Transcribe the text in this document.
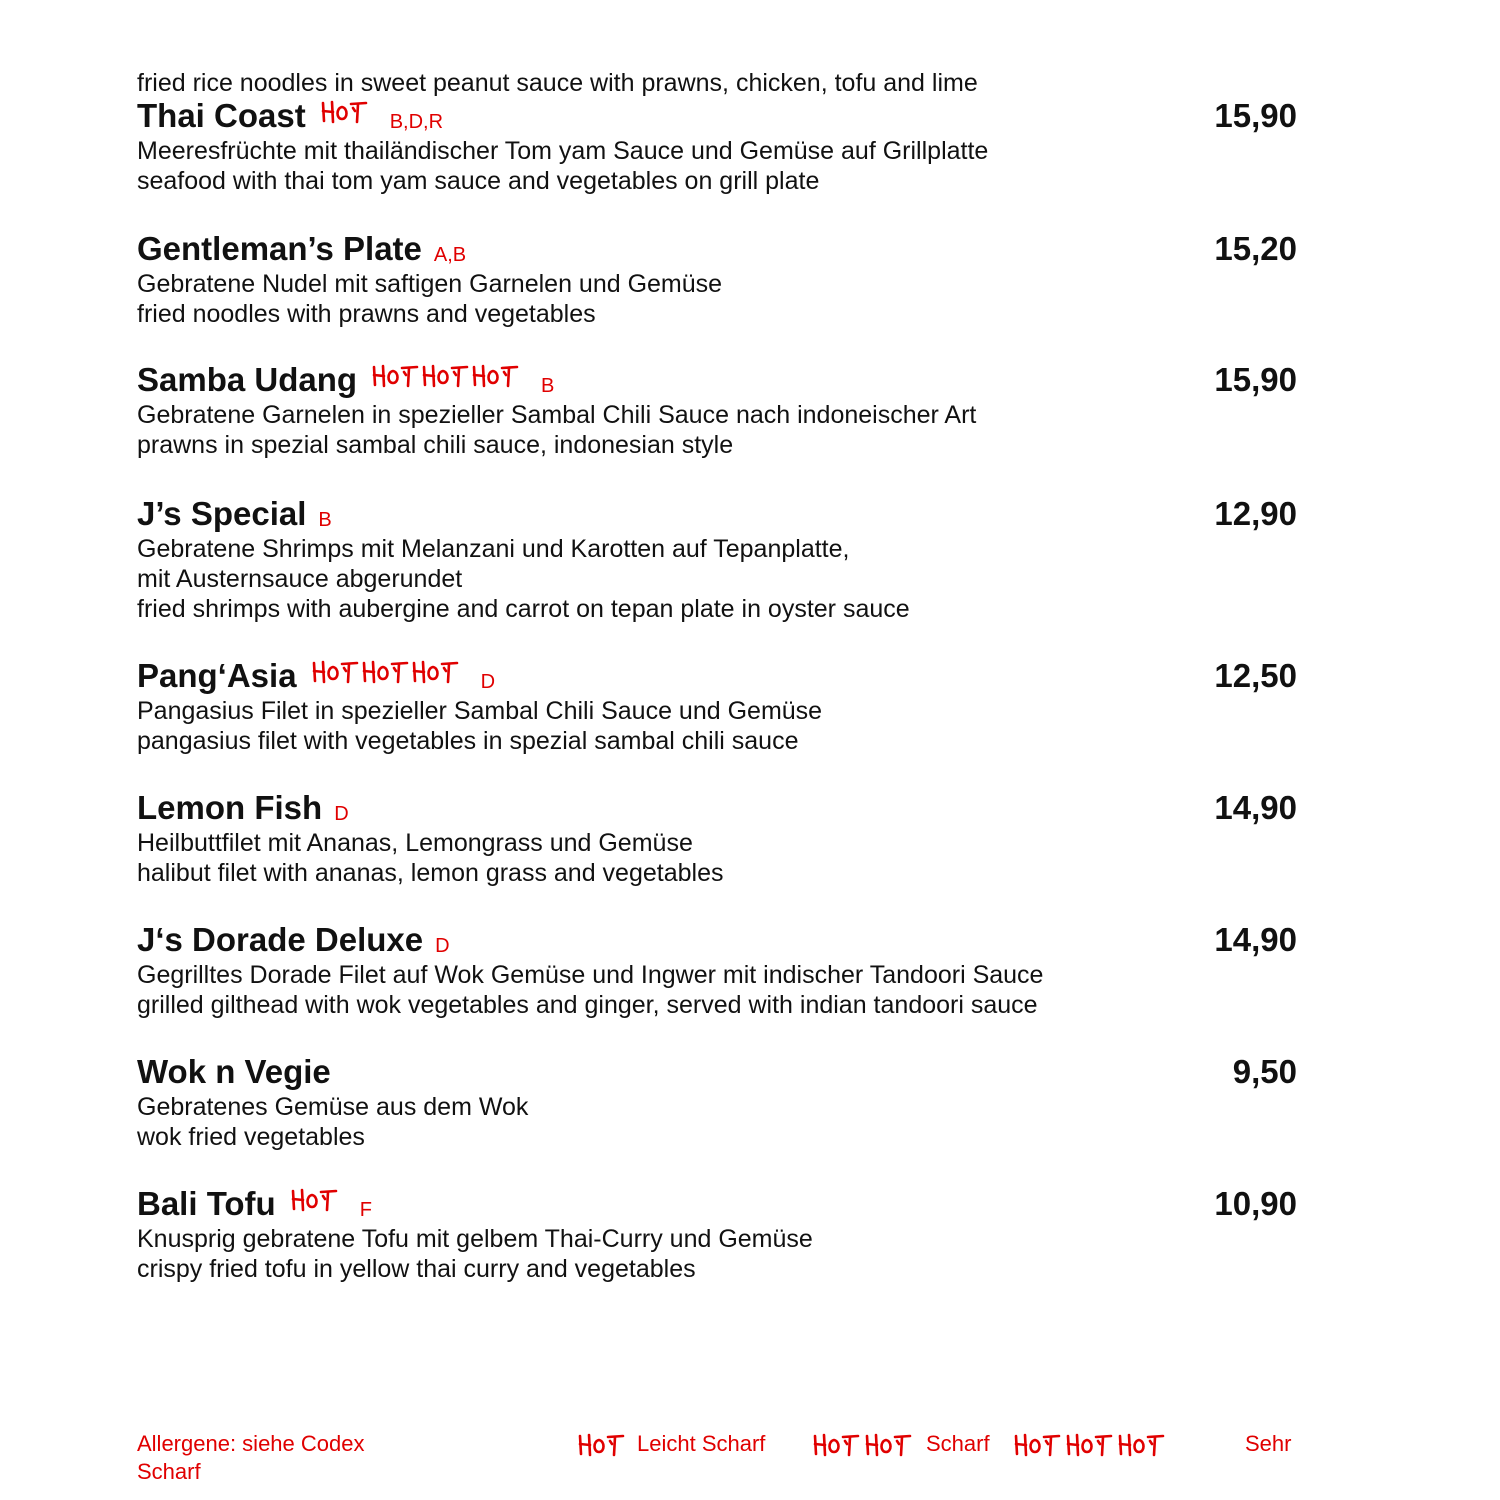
fried rice noodles in sweet peanut sauce with prawns, chicken, tofu and lime
Thai Coast	B,D,R	15,90
Meeresfrüchte mit thailändischer Tom yam Sauce und Gemüse auf Grillplatte
seafood with thai tom yam sauce and vegetables on grill plate
Gentleman’s Plate A,B	15,20
Gebratene Nudel mit saftigen Garnelen und Gemüse
fried noodles with prawns and vegetables
Samba Udang	B	15,90
Gebratene Garnelen in spezieller Sambal Chili Sauce nach indoneischer Art
prawns in spezial sambal chili sauce, indonesian style
J’s Special B	12,90
Gebratene Shrimps mit Melanzani und Karotten auf Tepanplatte,
mit Austernsauce abgerundet
fried shrimps with aubergine and carrot on tepan plate in oyster sauce
Pang‘Asia	D	12,50
Pangasius Filet in spezieller Sambal Chili Sauce und Gemüse
pangasius filet with vegetables in spezial sambal chili sauce
Lemon Fish D	14,90
Heilbuttfilet mit Ananas, Lemongrass und Gemüse
halibut filet with ananas, lemon grass and vegetables
J‘s Dorade Deluxe D	14,90
Gegrilltes Dorade Filet auf Wok Gemüse und Ingwer mit indischer Tandoori Sauce
grilled gilthead with wok vegetables and ginger, served with indian tandoori sauce
Wok n Vegie	9,50
Gebratenes Gemüse aus dem Wok
wok fried vegetables
Bali Tofu	F	10,90
Knusprig gebratene Tofu mit gelbem Thai-Curry und Gemüse
crispy fried tofu in yellow thai curry and vegetables
Allergene: siehe Codex
Scharf
Leicht Scharf	Scharf	Sehr
